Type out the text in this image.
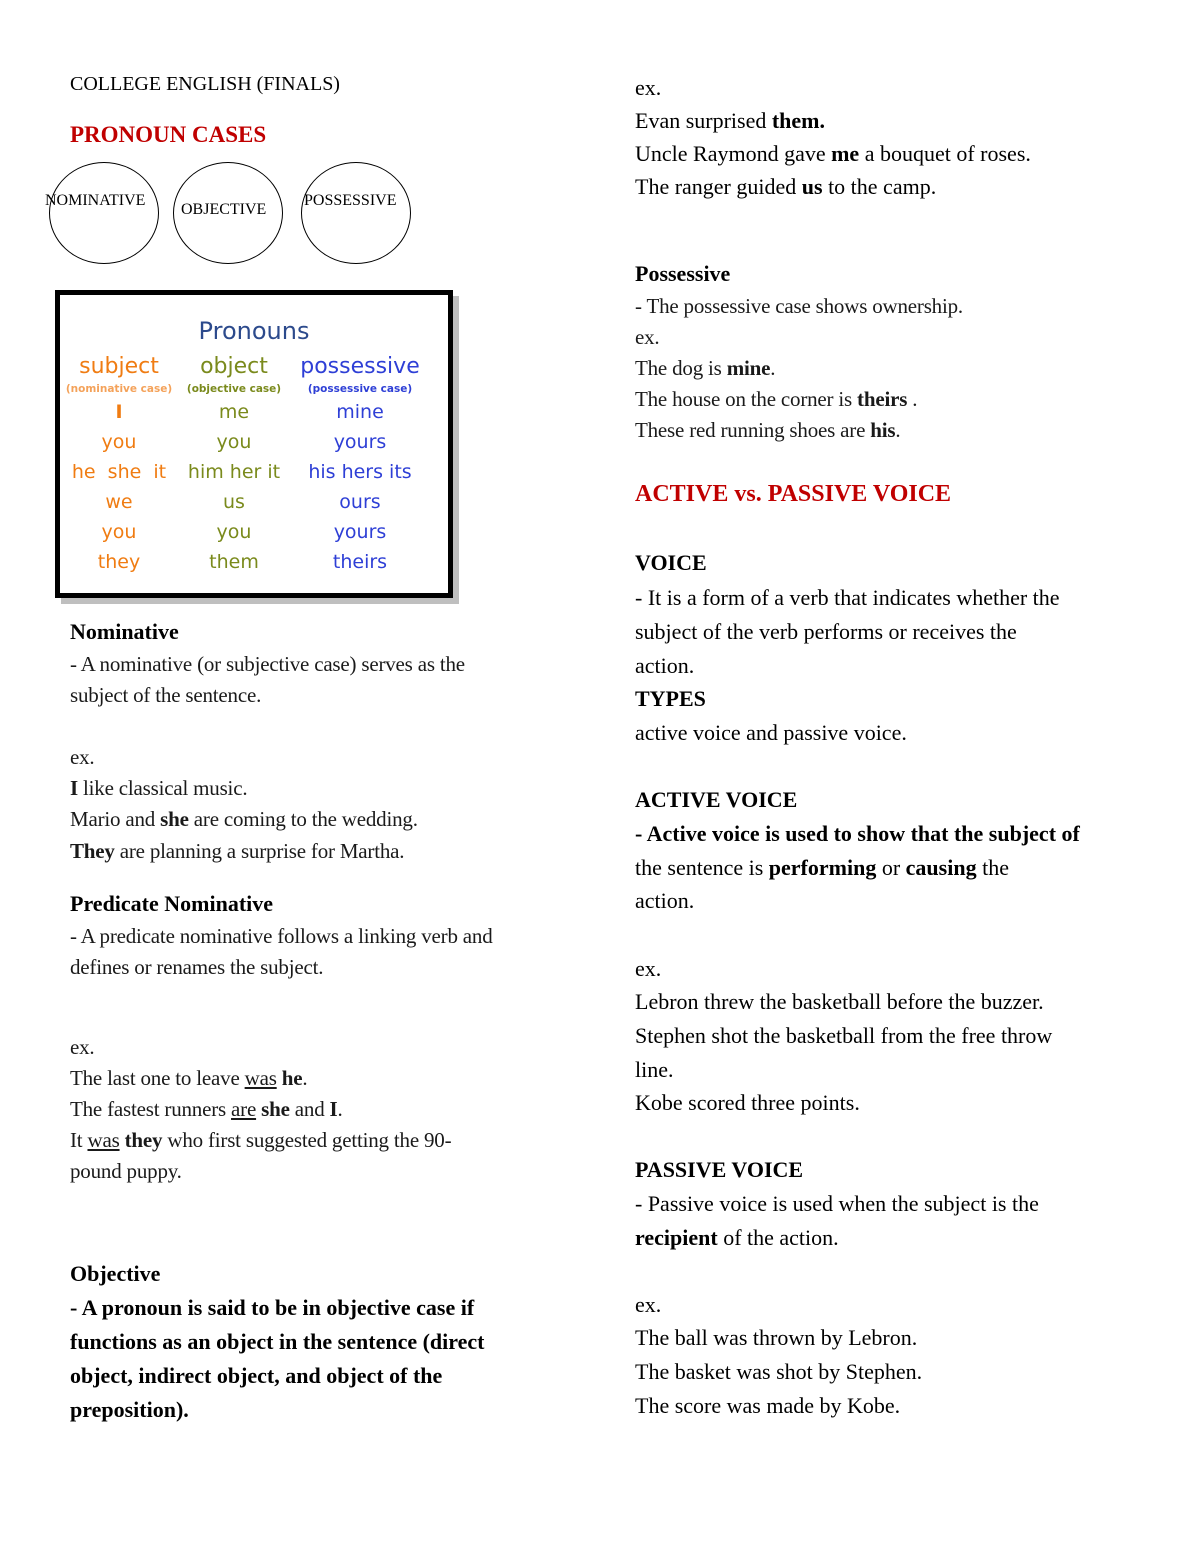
COLLEGE ENGLISH (FINALS)
PRONOUN CASES
NOMINATIVE
OBJECTIVE
POSSESSIVE
Pronouns
subject
(nominative case)
I
you
he  she  it
we
you
they
object
(objective case)
me
you
him her it
us
you
them
possessive
(possessive case)
mine
yours
his hers its
ours
yours
theirs
Nominative
- A nominative (or subjective case) serves as the
subject of the sentence.
ex.
I like classical music.
Mario and she are coming to the wedding.
They are planning a surprise for Martha.
Predicate Nominative
- A predicate nominative follows a linking verb and
defines or renames the subject.
ex.
The last one to leave was he.
The fastest runners are she and I.
It was they who first suggested getting the 90-
pound puppy.
Objective
- A pronoun is said to be in objective case if
functions as an object in the sentence (direct
object, indirect object, and object of the
preposition).
ex.
Evan surprised them.
Uncle Raymond gave me a bouquet of roses.
The ranger guided us to the camp.
Possessive
- The possessive case shows ownership.
ex.
The dog is mine.
The house on the corner is theirs .
These red running shoes are his.
ACTIVE vs. PASSIVE VOICE
VOICE
- It is a form of a verb that indicates whether the
subject of the verb performs or receives the
action.
TYPES
active voice and passive voice.
ACTIVE VOICE
- Active voice is used to show that the subject of
the sentence is performing or causing the
action.
ex.
Lebron threw the basketball before the buzzer.
Stephen shot the basketball from the free throw
line.
Kobe scored three points.
PASSIVE VOICE
- Passive voice is used when the subject is the
recipient of the action.
ex.
The ball was thrown by Lebron.
The basket was shot by Stephen.
The score was made by Kobe.
